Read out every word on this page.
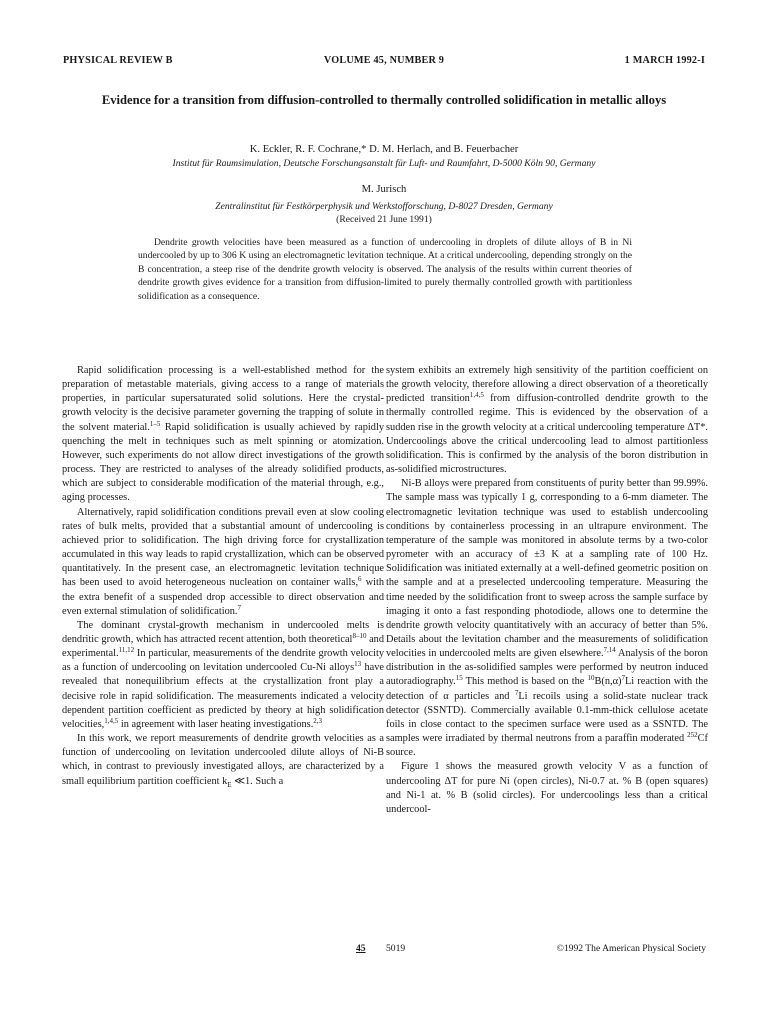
PHYSICAL REVIEW B	VOLUME 45, NUMBER 9	1 MARCH 1992-I
Evidence for a transition from diffusion-controlled to thermally controlled solidification in metallic alloys
K. Eckler, R. F. Cochrane,* D. M. Herlach, and B. Feuerbacher
Institut für Raumsimulation, Deutsche Forschungsanstalt für Luft- und Raumfahrt, D-5000 Köln 90, Germany
M. Jurisch
Zentralinstitut für Festkörperphysik und Werkstofforschung, D-8027 Dresden, Germany
(Received 21 June 1991)
Dendrite growth velocities have been measured as a function of undercooling in droplets of dilute alloys of B in Ni undercooled by up to 306 K using an electromagnetic levitation technique. At a critical undercooling, depending strongly on the B concentration, a steep rise of the dendrite growth velocity is observed. The analysis of the results within current theories of dendrite growth gives evidence for a transition from diffusion-limited to purely thermally controlled growth with partitionless solidification as a consequence.

Rapid solidification processing is a well-established method for the preparation of metastable materials, giving access to a range of materials properties, in particular supersaturated solid solutions. Here the crystal-growth velocity is the decisive parameter governing the trapping of solute in the solvent material.$^{1-5}$ Rapid solidification is usually achieved by rapidly quenching the melt in techniques such as melt spinning or atomization. However, such experiments do not allow direct investigations of the growth process. They are restricted to analyses of the already solidified products, which are subject to considerable modification of the material through, e.g., aging processes.

Alternatively, rapid solidification conditions prevail even at slow cooling rates of bulk melts, provided that a substantial amount of undercooling is achieved prior to solidification. The high driving force for crystallization accumulated in this way leads to rapid crystallization, which can be observed quantitatively. In the present case, an electromagnetic levitation technique has been used to avoid heterogeneous nucleation on container walls,$^6$ with the extra benefit of a suspended drop accessible to direct observation and even external stimulation of solidification.$^7$

The dominant crystal-growth mechanism in undercooled melts is dendritic growth, which has attracted recent attention, both theoretical$^{8-10}$ and experimental.$^{11,12}$ In particular, measurements of the dendrite growth velocity as a function of undercooling on levitation undercooled Cu-Ni alloys$^{13}$ have revealed that nonequilibrium effects at the crystallization front play a decisive role in rapid solidification. The measurements indicated a velocity dependent partition coefficient as predicted by theory at high solidification velocities,$^{1,4,5}$ in agreement with laser heating investigations.$^{2,3}$

In this work, we report measurements of dendrite growth velocities as a function of undercooling on levitation undercooled dilute alloys of Ni-B which, in contrast to previously investigated alloys, are characterized by a small equilibrium partition coefficient $k_E$ ≪1. Such a

system exhibits an extremely high sensitivity of the partition coefficient on the growth velocity, therefore allowing a direct observation of a theoretically predicted transition$^{1,4,5}$ from diffusion-controlled dendrite growth to the thermally controlled regime. This is evidenced by the observation of a sudden rise in the growth velocity at a critical undercooling temperature ΔT*. Undercoolings above the critical undercooling lead to almost partitionless solidification. This is confirmed by the analysis of the boron distribution in as-solidified microstructures.

Ni-B alloys were prepared from constituents of purity better than 99.99%. The sample mass was typically 1 g, corresponding to a 6-mm diameter. The electromagnetic levitation technique was used to establish undercooling conditions by containerless processing in an ultrapure environment. The temperature of the sample was monitored in absolute terms by a two-color pyrometer with an accuracy of ±3 K at a sampling rate of 100 Hz. Solidification was initiated externally at a well-defined geometric position on the sample and at a preselected undercooling temperature. Measuring the time needed by the solidification front to sweep across the sample surface by imaging it onto a fast responding photodiode, allows one to determine the dendrite growth velocity quantitatively with an accuracy of better than 5%. Details about the levitation chamber and the measurements of solidification velocities in undercooled melts are given elsewhere.$^{7,14}$ Analysis of the boron distribution in the as-solidified samples were performed by neutron induced autoradiography.$^{15}$ This method is based on the $^{10}B(n,\alpha)^7Li$ reaction with the detection of α particles and $^7$Li recoils using a solid-state nuclear track detector (SSNTD). Commercially available 0.1-mm-thick cellulose acetate foils in close contact to the specimen surface were used as a SSNTD. The samples were irradiated by thermal neutrons from a paraffin moderated $^{252}$Cf source.

Figure 1 shows the measured growth velocity V as a function of undercooling ΔT for pure Ni (open circles), Ni-0.7 at. % B (open squares) and Ni-1 at. % B (solid circles). For undercoolings less than a critical undercool-

45 5019	©1992 The American Physical Society
